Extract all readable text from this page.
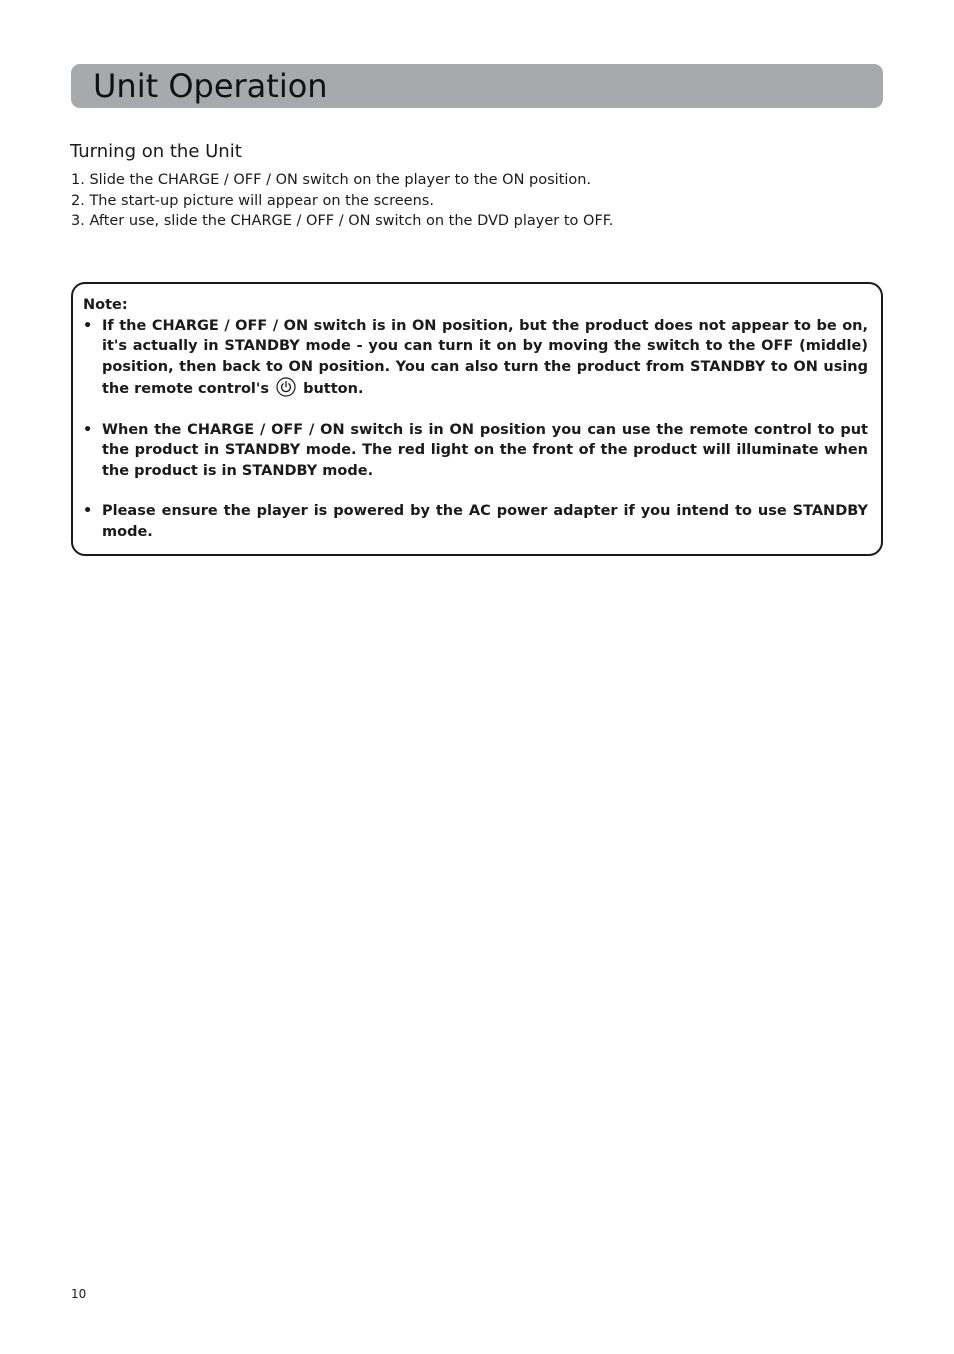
Unit Operation
Turning on the Unit
1. Slide the CHARGE / OFF / ON switch on the player to the ON position.
2. The start-up picture will appear on the screens.
3. After use, slide the CHARGE / OFF / ON switch on the DVD player to OFF.
Note:
• If the CHARGE / OFF / ON switch is in ON position, but the product does not appear to be on, it's actually in STANDBY mode - you can turn it on by moving the switch to the OFF (middle) position, then back to ON position. You can also turn the product from STANDBY to ON using the remote control's button.
• When the CHARGE / OFF / ON switch is in ON position you can use the remote control to put the product in STANDBY mode. The red light on the front of the product will illuminate when the product is in STANDBY mode.
• Please ensure the player is powered by the AC power adapter if you intend to use STANDBY mode.
10
